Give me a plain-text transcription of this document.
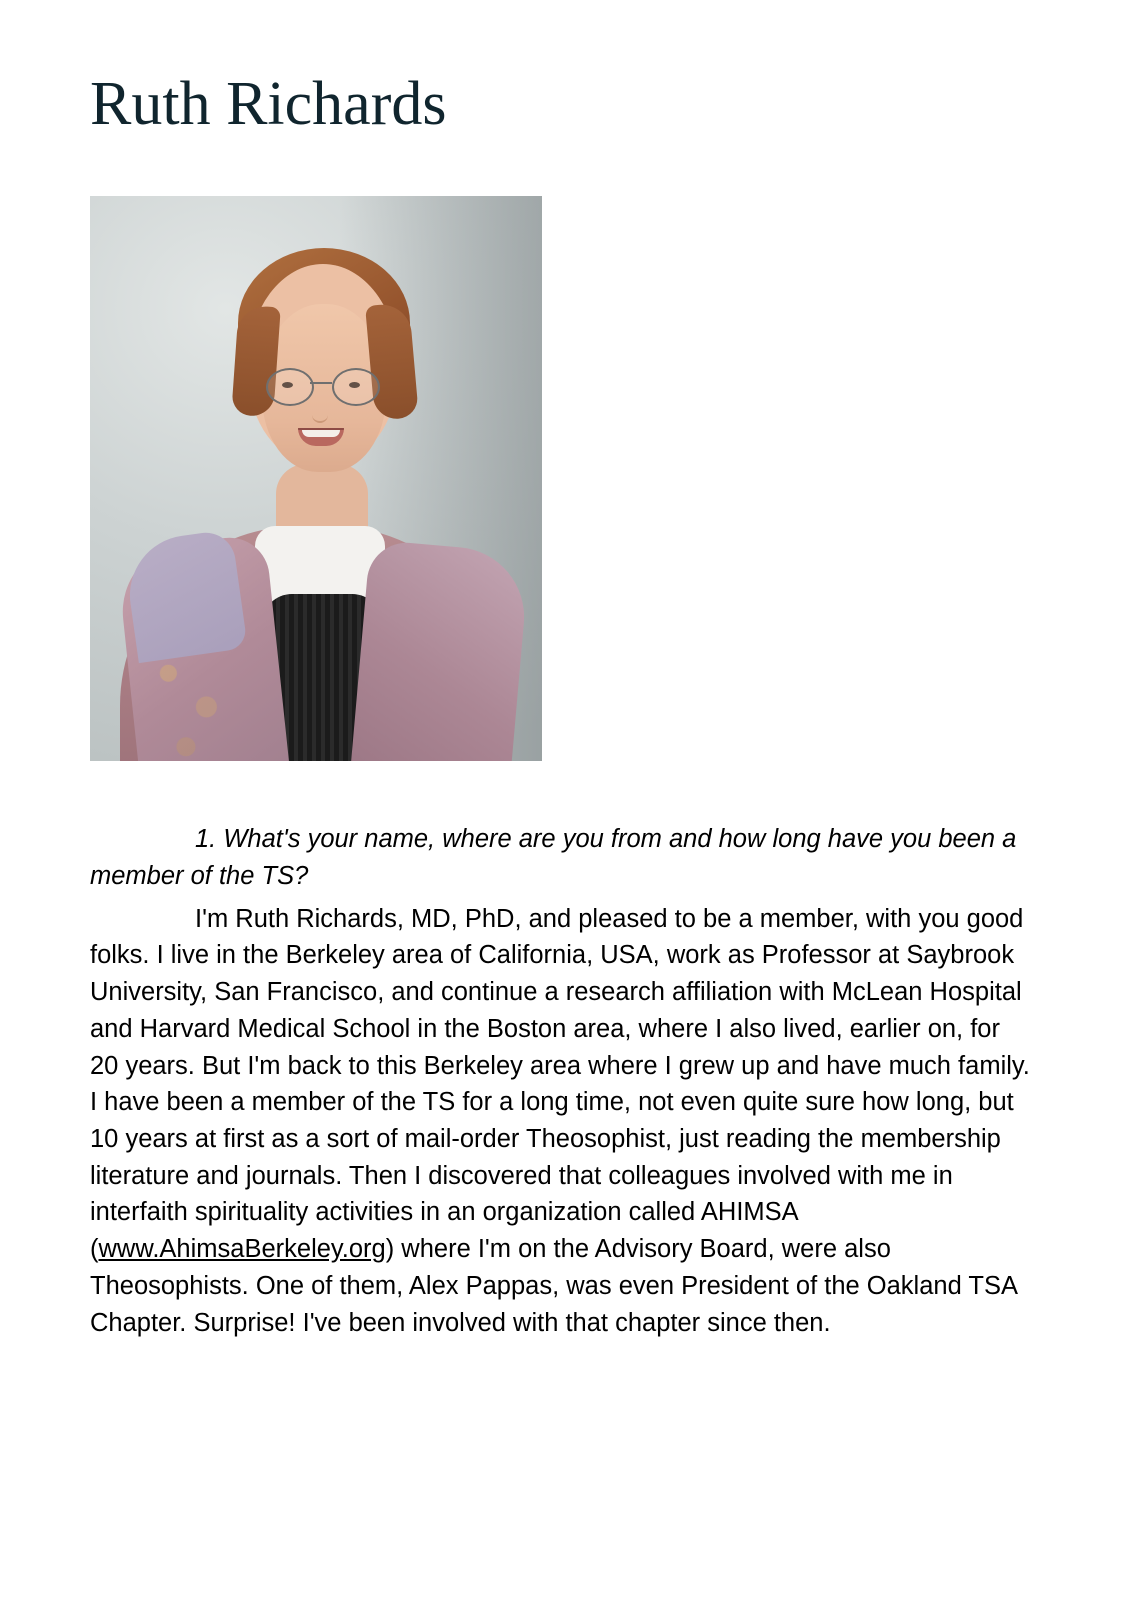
Ruth Richards

1. What's your name, where are you from and how long have you been a member of the TS?

I'm Ruth Richards, MD, PhD, and pleased to be a member, with you good folks. I live in the Berkeley area of California, USA, work as Professor at Saybrook University, San Francisco, and continue a research affiliation with McLean Hospital and Harvard Medical School in the Boston area, where I also lived, earlier on, for 20 years. But I'm back to this Berkeley area where I grew up and have much family. I have been a member of the TS for a long time, not even quite sure how long, but 10 years at first as a sort of mail-order Theosophist, just reading the membership literature and journals. Then I discovered that colleagues involved with me in interfaith spirituality activities in an organization called AHIMSA (www.AhimsaBerkeley.org) where I'm on the Advisory Board, were also Theosophists. One of them, Alex Pappas, was even President of the Oakland TSA Chapter. Surprise! I've been involved with that chapter since then.
